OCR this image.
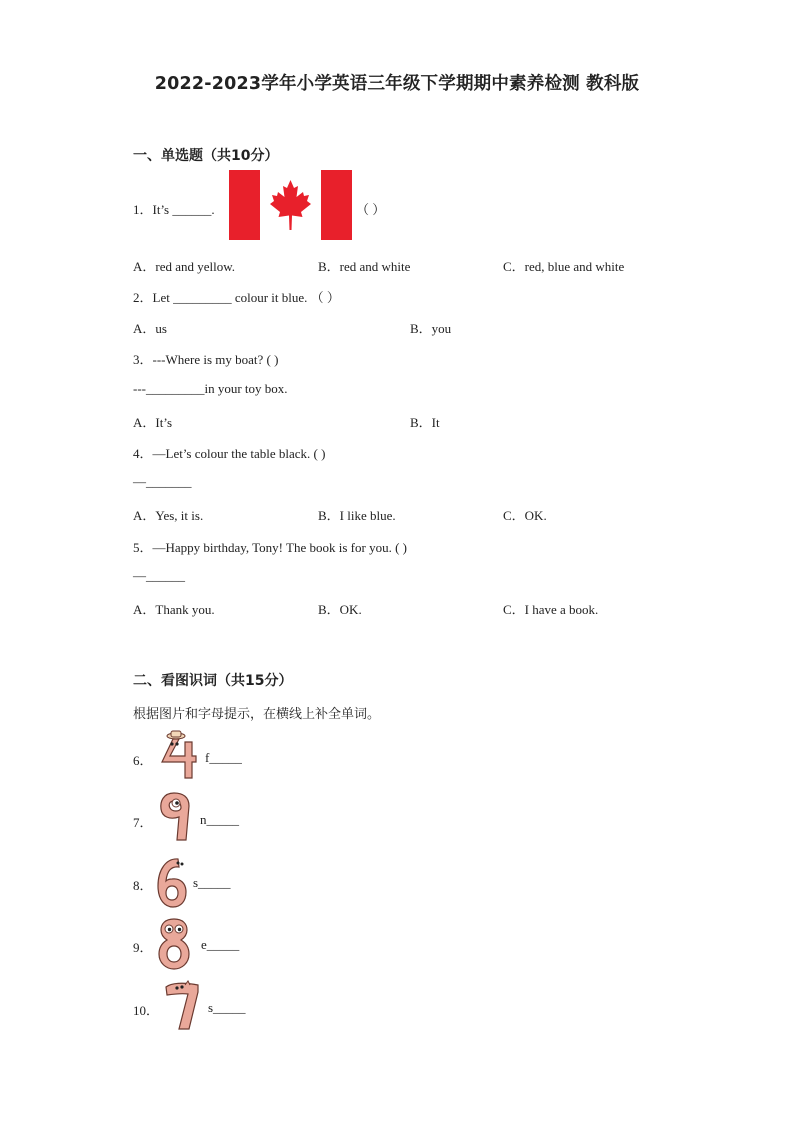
2022-2023学年小学英语三年级下学期期中素养检测 教科版
一、单选题（共10分）
1．It’s ______.	（ ）
A．red and yellow.	B．red and white	C．red, blue and white
2．Let _________ colour it blue. （ ）
A．us	B．you
3．---Where is my boat? ( )
---_________in your toy box.
A．It’s	B．It
4．—Let’s colour the table black. ( )
—_______
A．Yes, it is.	B．I like blue.	C．OK.
5．—Happy birthday, Tony! The book is for you. ( )
—______
A．Thank you.	B．OK.	C．I have a book.
二、看图识词（共15分）
根据图片和字母提示，在横线上补全单词。
6．	f_____
7．	n_____
8．	s_____
9．	e_____
10．	s_____
